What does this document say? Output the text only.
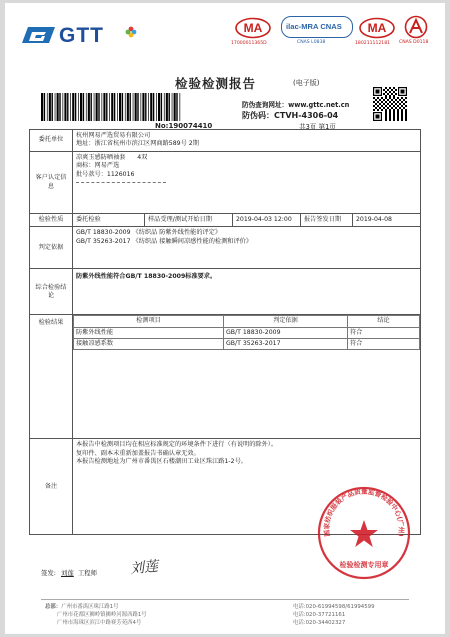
GTT	MA
17000011365D
ilac-MRA CNAS
CNAS L0838
MA
180211112181 CNAS D0118
检验检测报告	(电子版)
No:190074410
防伪查询网址：www.gttc.net.cn
防伪码：CTVH-4306-04
共3页 第1页
委托单位	
杭州网易严选贸易有限公司
地址：浙江省杭州市滨江区网商路589号 2期

客户认定信息	
凉爽玉感防晒袖套      4双
商标：网易严选
批号款号：1126016

检验性质	委托检验	样品受理/测试开始日期	2019-04-03 12:00	报告签发日期	2019-04-08
判定依据	
GB/T 18830-2009 《纺织品 防紫外线性能的评定》
GB/T 35263-2017 《纺织品 接触瞬间凉感性能的检测和评价》

综合检验结论	防紫外线性能符合GB/T 18830-2009标准要求。
检验结果		检测项目	判定依据	结论
防紫外线性能	GB/T 18830-2009	符合
接触凉感系数	GB/T 35263-2017	符合

备注	
本报告中检测项目均在相应标准规定的环境条件下进行（有说明的除外）。
复印件、副本未重新加盖报告书确认章无效。
本报告检测地址为广州市番禺区石楼潮田工业区珠江路1-2号。
国家纺织服装产品质量监督检验中心(广州)
检验检测专用章
签发: 刘莲 工程师 刘莲
总部：广州市番禺区珠江路1号
广州市花都区狮岭镇狮岭河源西路1号
广州市海珠区滨江中路赛芳苑西4号
电话:020-61994598/61994599
电话:020-37721161
电话:020-34402327
